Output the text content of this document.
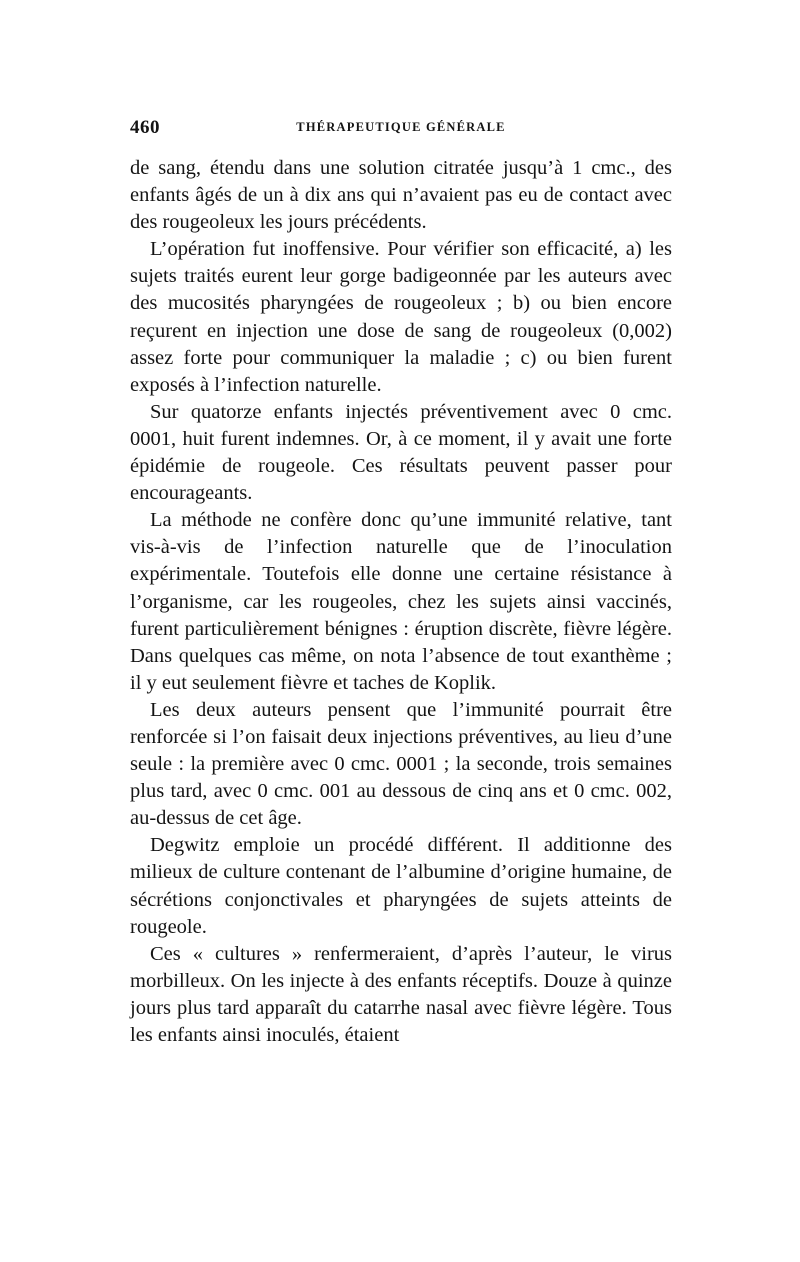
460	THÉRAPEUTIQUE GÉNÉRALE

de sang, étendu dans une solution citratée jusqu’à 1 cmc., des enfants âgés de un à dix ans qui n’avaient pas eu de contact avec des rougeoleux les jours précédents.

L’opération fut inoffensive. Pour vérifier son efficacité, a) les sujets traités eurent leur gorge badigeonnée par les auteurs avec des mucosités pharyngées de rougeoleux ; b) ou bien encore reçurent en injection une dose de sang de rougeoleux (0,002) assez forte pour communiquer la maladie ; c) ou bien furent exposés à l’infection naturelle.

Sur quatorze enfants injectés préventivement avec 0 cmc. 0001, huit furent indemnes. Or, à ce moment, il y avait une forte épidémie de rougeole. Ces résultats peuvent passer pour encourageants.

La méthode ne confère donc qu’une immunité relative, tant vis-à-vis de l’infection naturelle que de l’inoculation expérimentale. Toutefois elle donne une certaine résistance à l’organisme, car les rougeoles, chez les sujets ainsi vaccinés, furent particulièrement bénignes : éruption discrète, fièvre légère. Dans quelques cas même, on nota l’absence de tout exanthème ; il y eut seulement fièvre et taches de Koplik.

Les deux auteurs pensent que l’immunité pourrait être renforcée si l’on faisait deux injections préventives, au lieu d’une seule : la première avec 0 cmc. 0001 ; la seconde, trois semaines plus tard, avec 0 cmc. 001 au dessous de cinq ans et 0 cmc. 002, au-dessus de cet âge.

Degwitz emploie un procédé différent. Il additionne des milieux de culture contenant de l’albumine d’origine humaine, de sécrétions conjonctivales et pharyngées de sujets atteints de rougeole.

Ces « cultures » renfermeraient, d’après l’auteur, le virus morbilleux. On les injecte à des enfants réceptifs. Douze à quinze jours plus tard apparaît du catarrhe nasal avec fièvre légère. Tous les enfants ainsi inoculés, étaient
